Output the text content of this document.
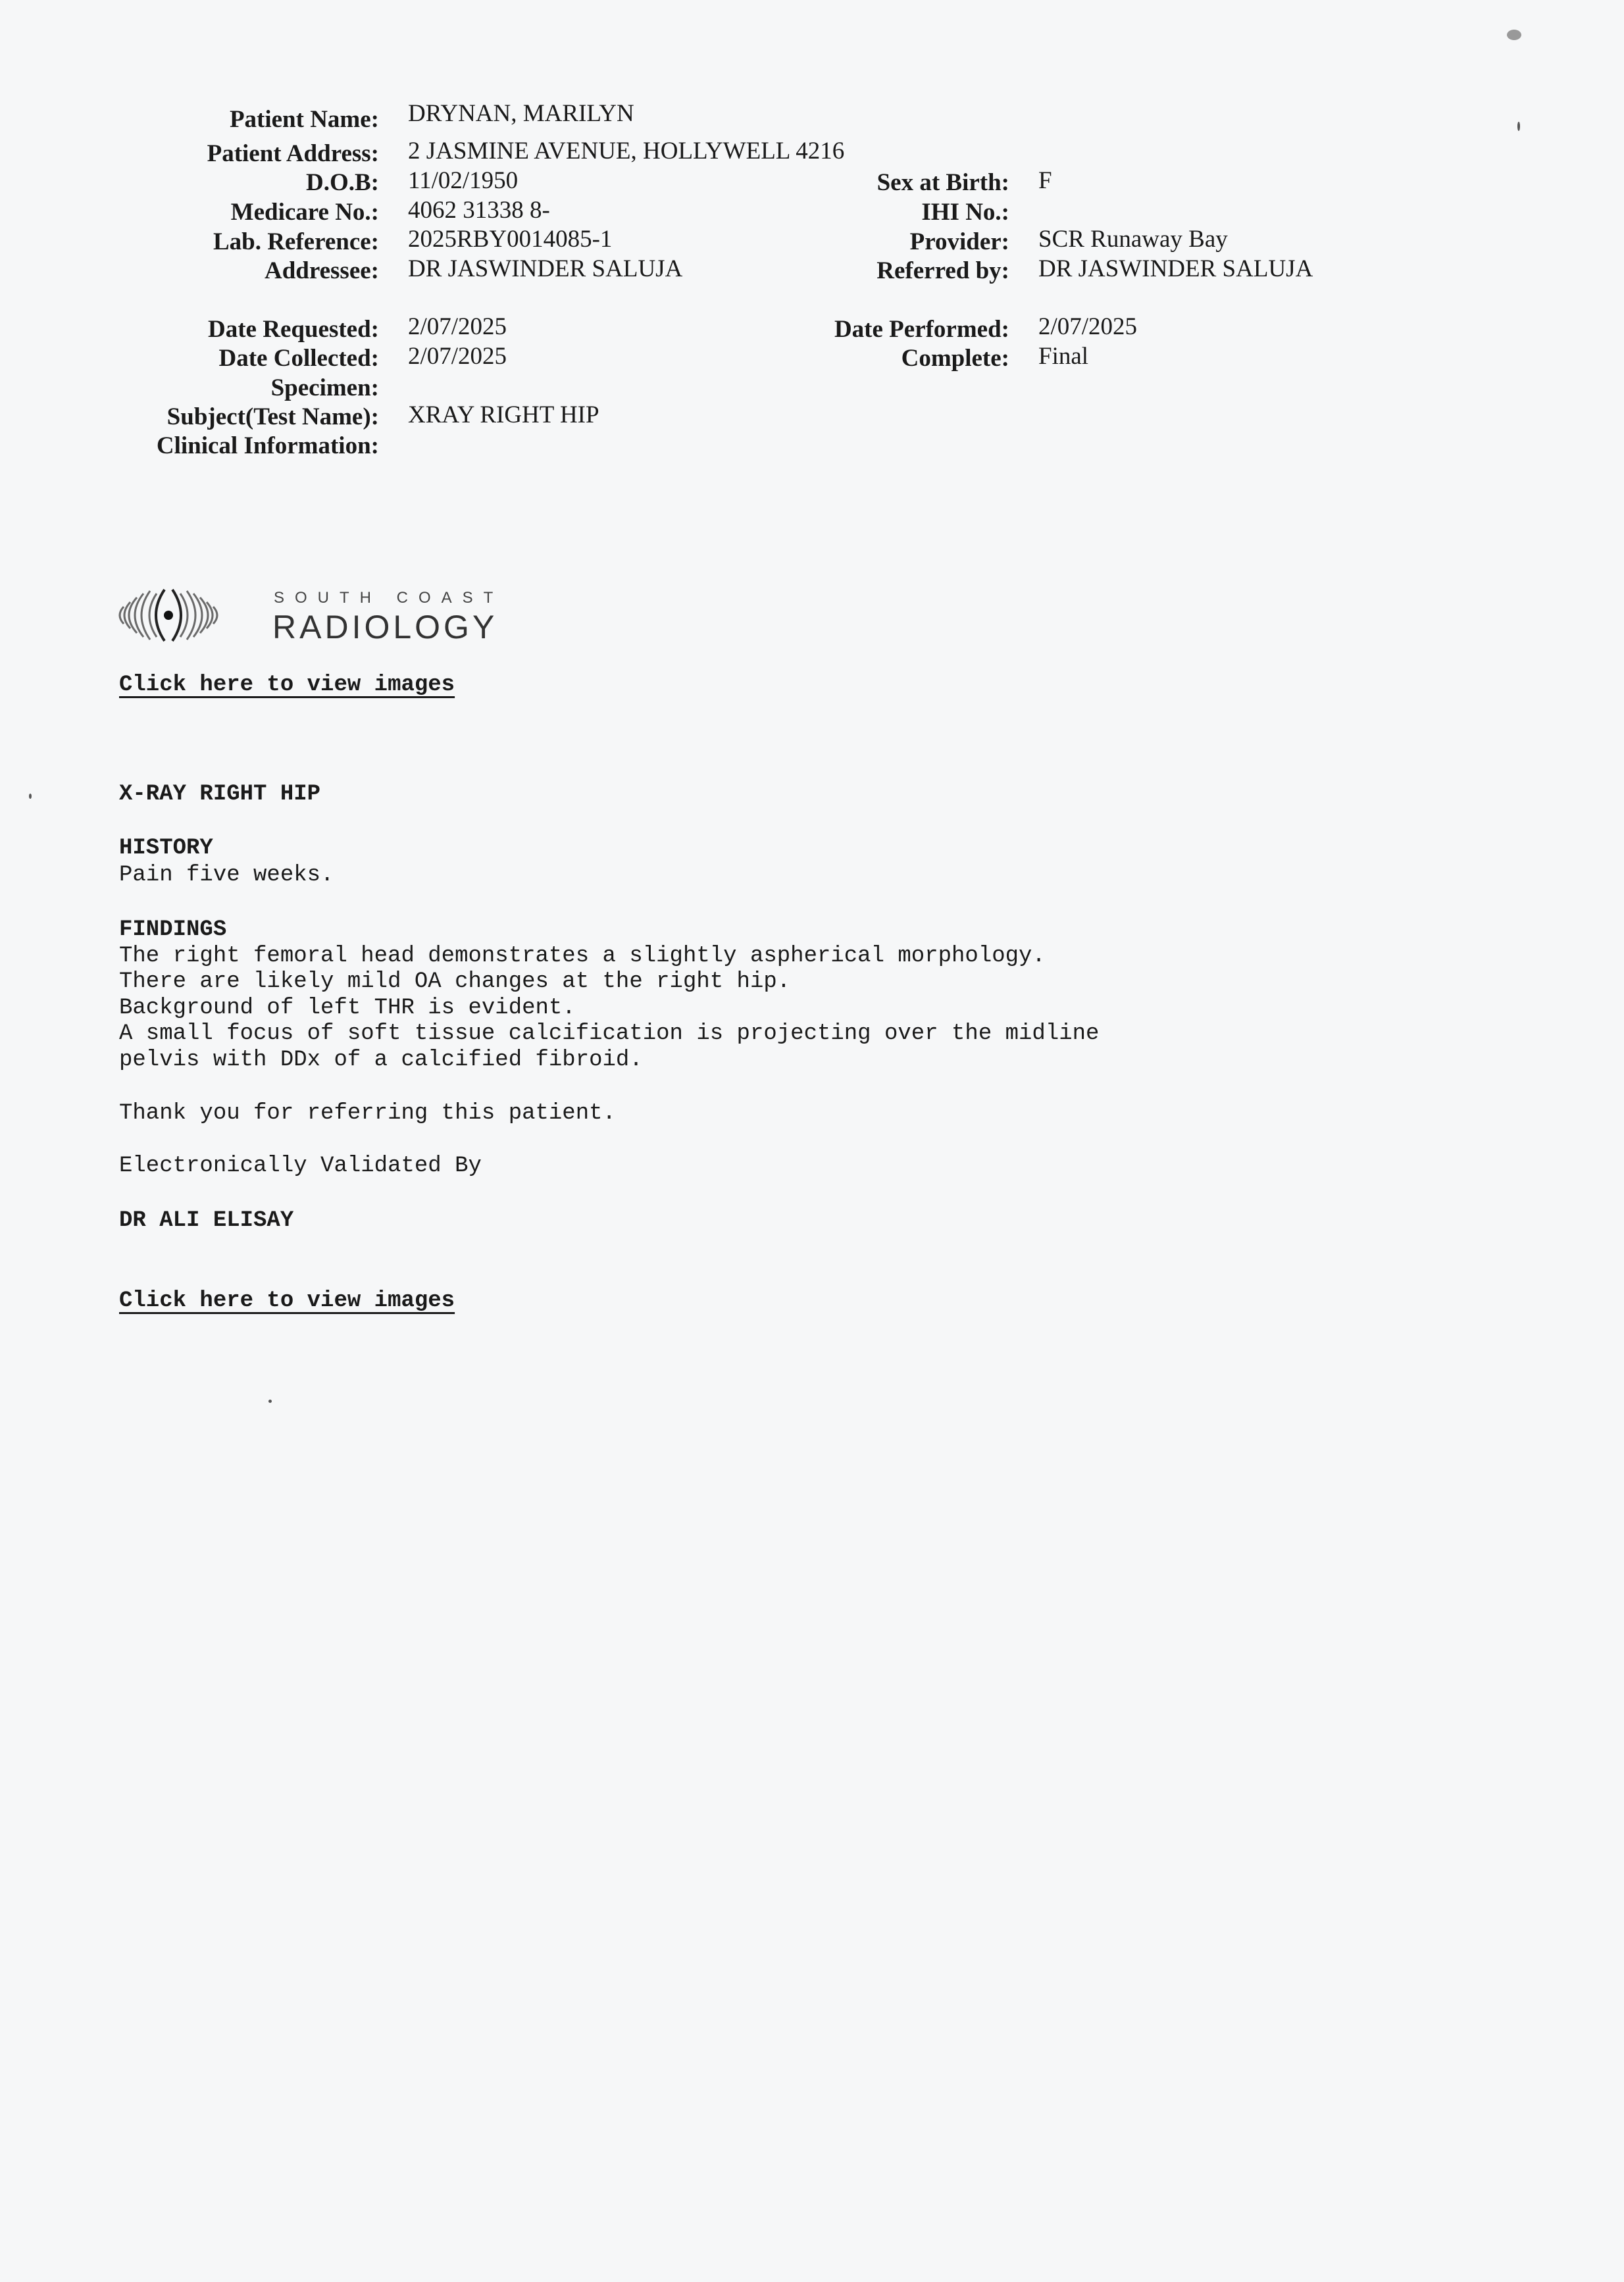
Patient Name:
Patient Address:
D.O.B:
Medicare No.:
Lab. Reference:
Addressee:
Date Requested:
Date Collected:
Specimen:
Subject(Test Name):
Clinical Information:
DRYNAN, MARILYN
2 JASMINE AVENUE, HOLLYWELL 4216
11/02/1950
4062 31338 8-
2025RBY0014085-1
DR JASWINDER SALUJA
2/07/2025
2/07/2025
XRAY RIGHT HIP
Sex at Birth:
IHI No.:
Provider:
Referred by:
Date Performed:
Complete:
F
SCR Runaway Bay
DR JASWINDER SALUJA
2/07/2025
Final
SOUTH COAST
RADIOLOGY
Click here to view images
X-RAY RIGHT HIP
HISTORY
Pain five weeks.
FINDINGS
The right femoral head demonstrates a slightly aspherical morphology.
There are likely mild OA changes at the right hip.
Background of left THR is evident.
A small focus of soft tissue calcification is projecting over the midline
pelvis with DDx of a calcified fibroid.
Thank you for referring this patient.
Electronically Validated By
DR ALI ELISAY
Click here to view images
